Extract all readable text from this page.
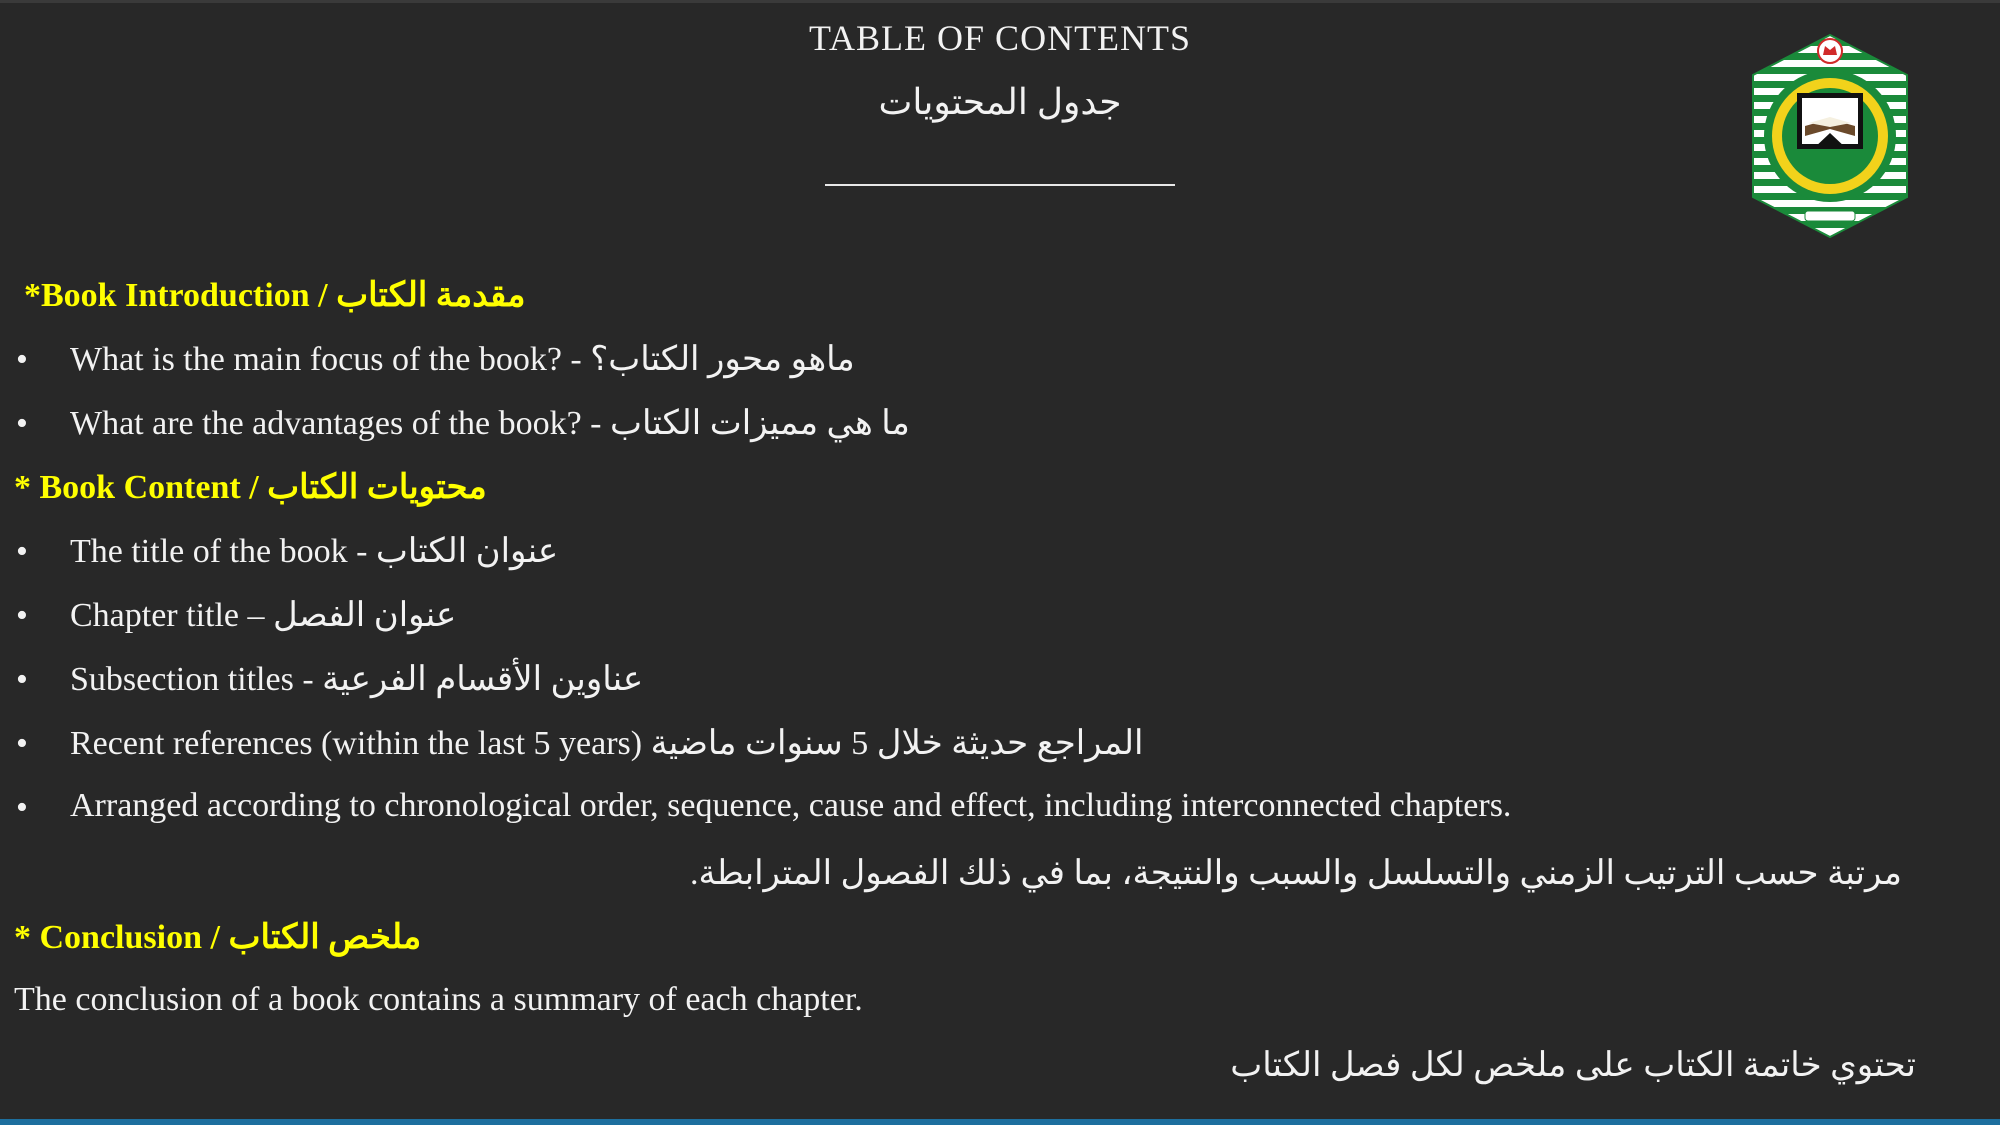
TABLE OF CONTENTS
جدول المحتويات
*Book Introduction / مقدمة الكتاب
• What is the main focus of the book? - ماهو محور الكتاب؟
• What are the advantages of the book? - ما هي مميزات الكتاب
* Book Content / محتويات الكتاب
• The title of the book - عنوان الكتاب
• Chapter title – عنوان الفصل
• Subsection titles - عناوين الأقسام الفرعية
• Recent references (within the last 5 years) المراجع حديثة خلال 5 سنوات ماضية
• Arranged according to chronological order, sequence, cause and effect, including interconnected chapters.
مرتبة حسب الترتيب الزمني والتسلسل والسبب والنتيجة، بما في ذلك الفصول المترابطة.
* Conclusion / ملخص الكتاب
The conclusion of a book contains a summary of each chapter.
تحتوي خاتمة الكتاب على ملخص لكل فصل الكتاب
